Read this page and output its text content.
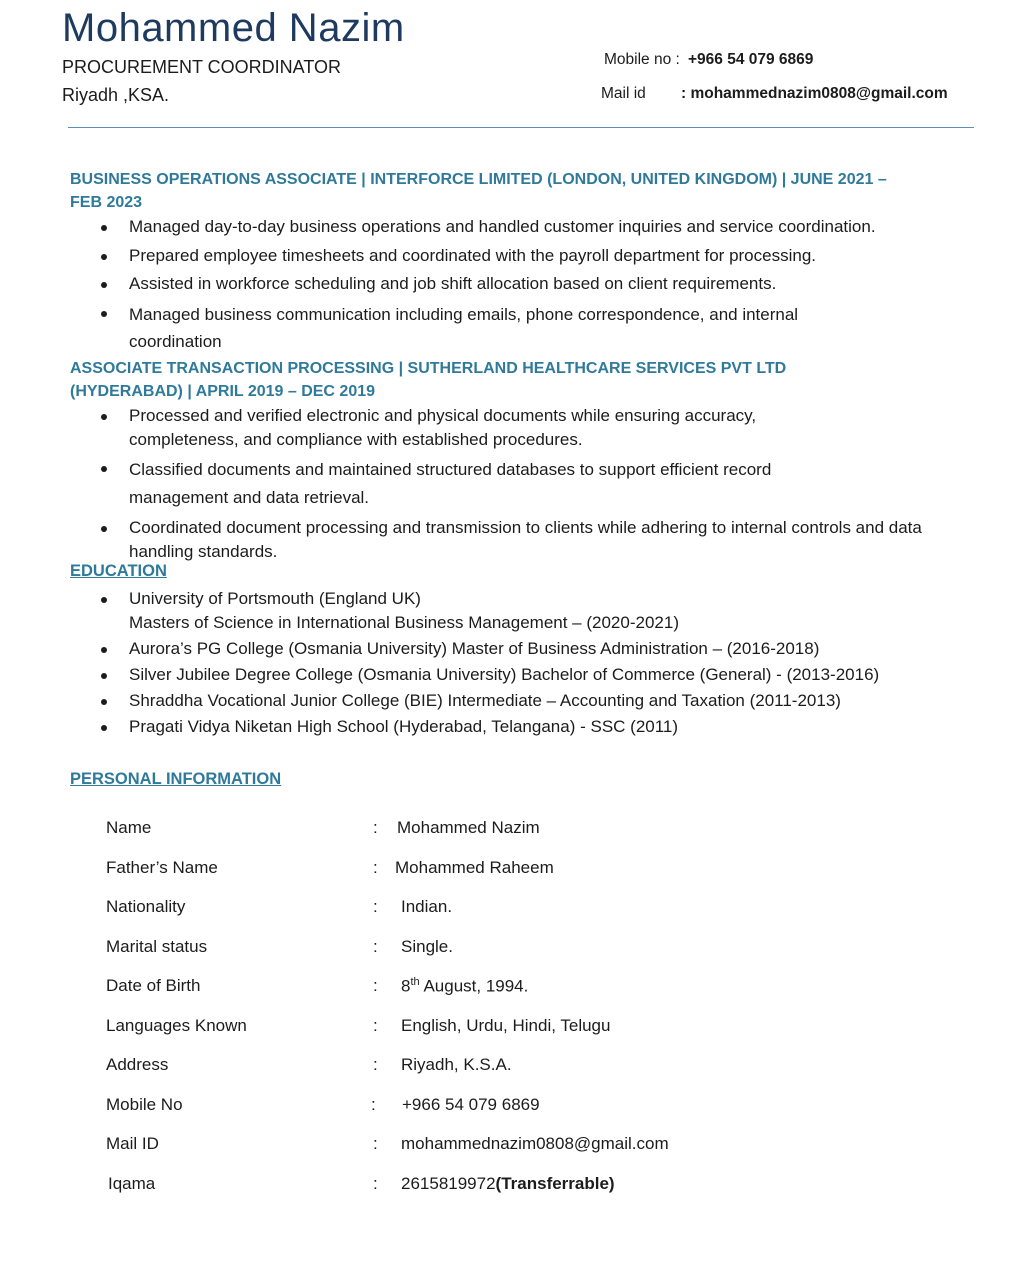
Mohammed Nazim
PROCUREMENT COORDINATOR
Riyadh ,KSA.
Mobile no : +966 54 079 6869
Mail id : mohammednazim0808@gmail.com
BUSINESS OPERATIONS ASSOCIATE | INTERFORCE LIMITED (LONDON, UNITED KINGDOM) | JUNE 2021 – FEB 2023
Managed day-to-day business operations and handled customer inquiries and service coordination.
Prepared employee timesheets and coordinated with the payroll department for processing.
Assisted in workforce scheduling and job shift allocation based on client requirements.
Managed business communication including emails, phone correspondence, and internal coordination
ASSOCIATE TRANSACTION PROCESSING | SUTHERLAND HEALTHCARE SERVICES PVT LTD (HYDERABAD) | APRIL 2019 – DEC 2019
Processed and verified electronic and physical documents while ensuring accuracy, completeness, and compliance with established procedures.
Classified documents and maintained structured databases to support efficient record management and data retrieval.
Coordinated document processing and transmission to clients while adhering to internal controls and data handling standards.
EDUCATION
University of Portsmouth (England UK)
Masters of Science in International Business Management – (2020-2021)
Aurora’s PG College (Osmania University) Master of Business Administration – (2016-2018)
Silver Jubilee Degree College (Osmania University) Bachelor of Commerce (General) - (2013-2016)
Shraddha Vocational Junior College (BIE) Intermediate – Accounting and Taxation (2011-2013)
Pragati Vidya Niketan High School (Hyderabad, Telangana) - SSC (2011)
PERSONAL INFORMATION
Name	: Mohammed Nazim
Father’s Name	: Mohammed Raheem
Nationality	: Indian.
Marital status	: Single.
Date of Birth	: 8th August, 1994.
Languages Known	: English, Urdu, Hindi, Telugu
Address	: Riyadh, K.S.A.
Mobile No	: +966 54 079 6869
Mail ID	: mohammednazim0808@gmail.com
Iqama	: 2615819972(Transferrable)
